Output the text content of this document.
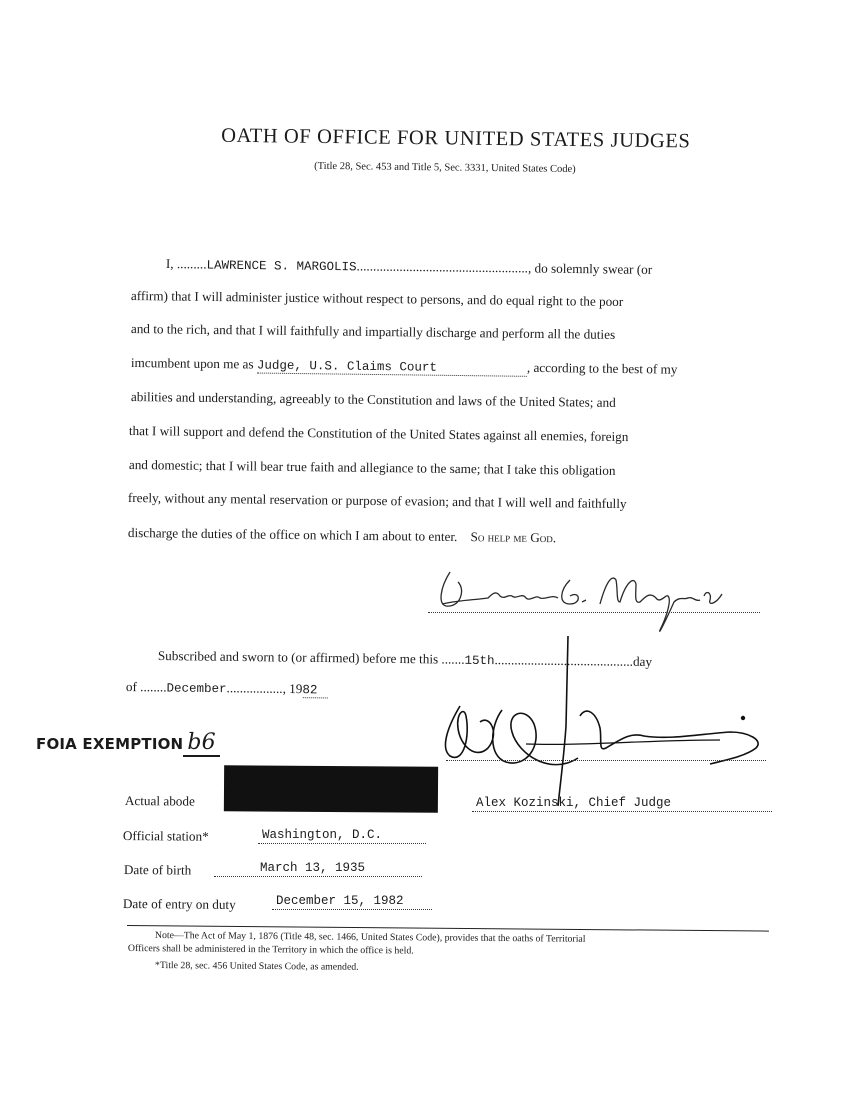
OATH OF OFFICE FOR UNITED STATES JUDGES
(Title 28, Sec. 453 and Title 5, Sec. 3331, United States Code)
I, .........LAWRENCE S. MARGOLIS...................................................., do solemnly swear (or
affirm) that I will administer justice without respect to persons, and do equal right to the poor
and to the rich, and that I will faithfully and impartially discharge and perform all the duties
imcumbent upon me as Judge, U.S. Claims Court	, according to the best of my
abilities and understanding, agreeably to the Constitution and laws of the United States; and
that I will support and defend the Constitution of the United States against all enemies, foreign
and domestic; that I will bear true faith and allegiance to the same; that I take this obligation
freely, without any mental reservation or purpose of evasion; and that I will well and faithfully
discharge the duties of the office on which I am about to enter. So help me God.
Subscribed and sworn to (or affirmed) before me this .......15th..........................................day
of ........December................., 1982
FOIA EXEMPTION b6
Actual abode	Alex Kozinski, Chief Judge
Official station*	Washington, D.C.
Date of birth	March 13, 1935
Date of entry on duty	December 15, 1982
Note—The Act of May 1, 1876 (Title 48, sec. 1466, United States Code), provides that the oaths of Territorial
Officers shall be administered in the Territory in which the office is held.
*Title 28, sec. 456 United States Code, as amended.
